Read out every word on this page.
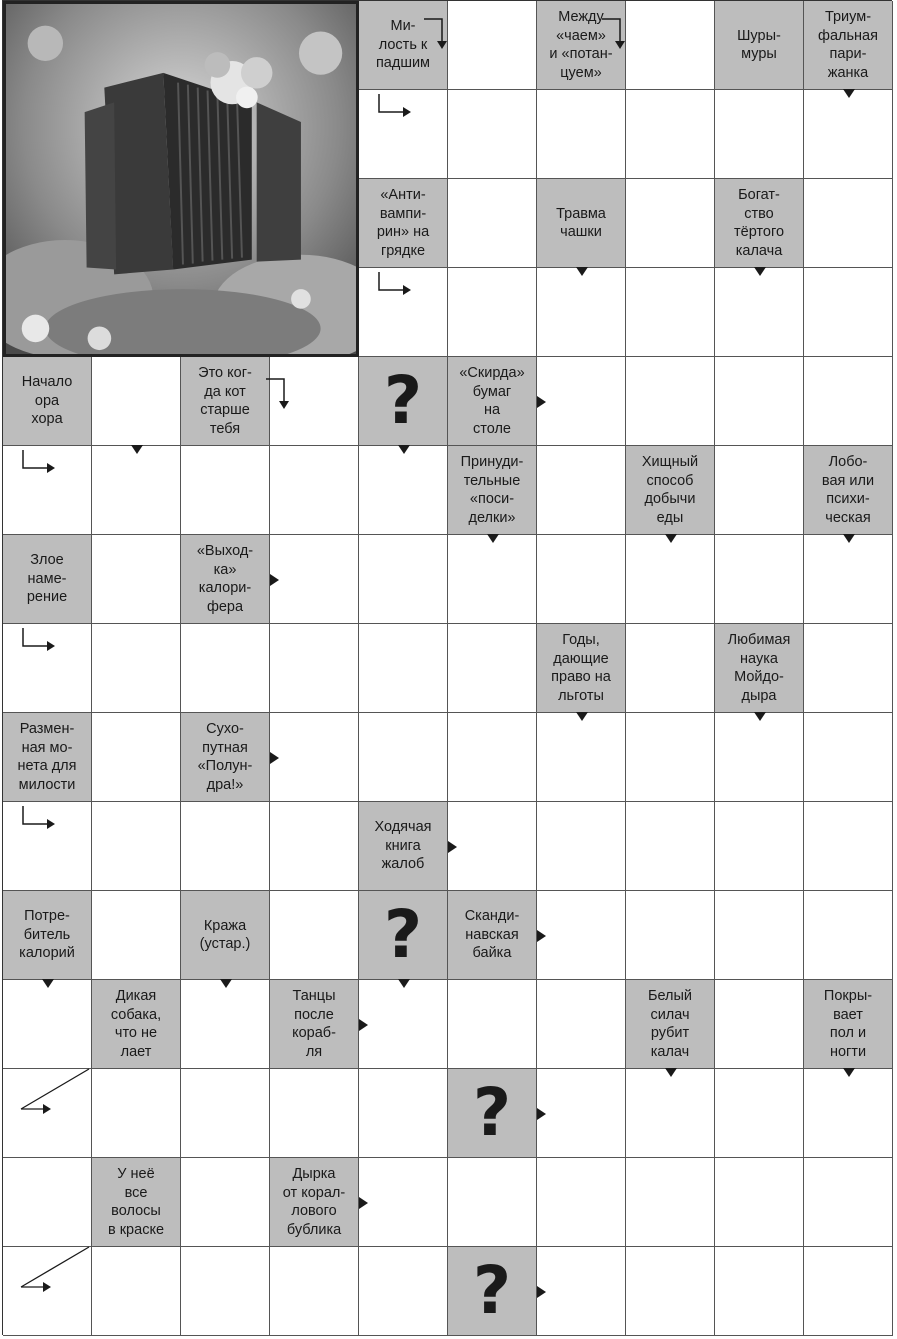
Ми-
лость к
падшим
Между
«чаем»
и «потан-
цуем»
Шуры-
муры
Триум-
фальная
пари-
жанка
«Анти-
вампи-
рин» на
грядке
Травма
чашки
Богат-
ство
тёртого
калача
Начало
ора
хора
Это ког-
да кот
старше
тебя ?	«Скирда»
бумаг
на
столе
Принуди-
тельные
«поси-
делки»
Хищный
способ
добычи
еды
Лобо-
вая или
психи-
ческая
Злое
наме-
рение
«Выход-
ка»
калори-
фера
Годы,
дающие
право на
льготы
Любимая
наука
Мойдо-
дыра
Размен-
ная мо-
нета для
милости
Сухо-
путная
«Полун-
дра!»
Ходячая
книга
жалоб
Потре-
битель
калорий
Кража
(устар.) ?	Сканди-
навская
байка
Дикая
собака,
что не
лает
Танцы
после
кораб-
ля
Белый
силач
рубит
калач
Покры-
вает
пол и
ногти
?
У неё
все
волосы
в краске
Дырка
от корал-
лового
бублика
?
